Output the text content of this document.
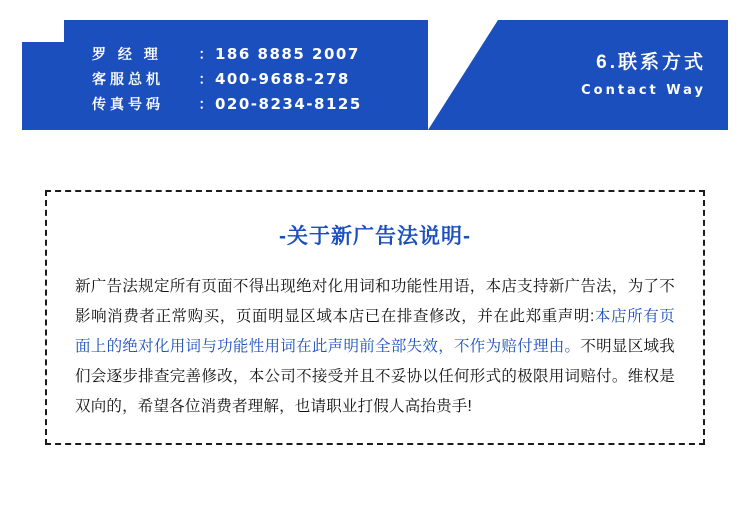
罗 经 理	： 186 8885 2007
客服总机	： 400-9688-278
传真号码	： 020-8234-8125
6.联系方式
Contact Way
-关于新广告法说明-
新广告法规定所有页面不得出现绝对化用词和功能性用语，本店支持新广告法，为了不影响消费者正常购买，页面明显区域本店已在排查修改，并在此郑重声明:本店所有页面上的绝对化用词与功能性用词在此声明前全部失效，不作为赔付理由。不明显区域我们会逐步排查完善修改，本公司不接受并且不妥协以任何形式的极限用词赔付。维权是双向的，希望各位消费者理解，也请职业打假人高抬贵手!
